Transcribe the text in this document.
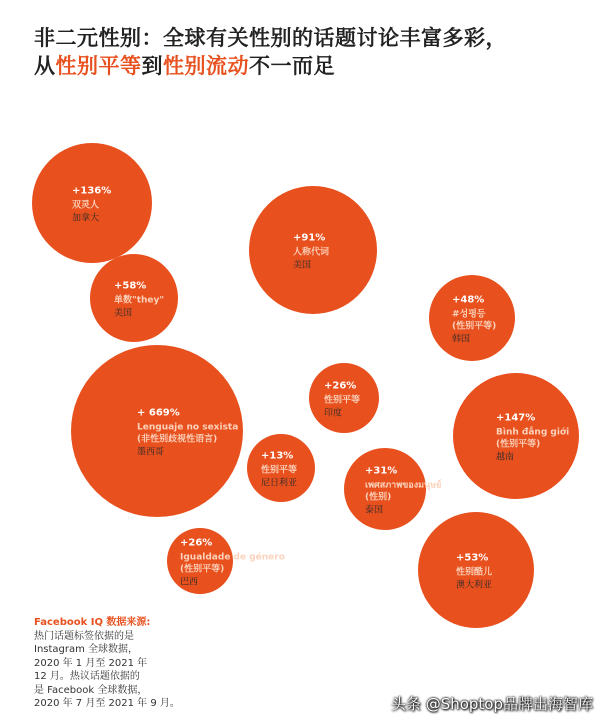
非二元性别：全球有关性别的话题讨论丰富多彩，
从性别平等到性别流动不一而足
+136%
双灵人
加拿大
+91%
人称代词
美国
+58%
单数"they"
美国
+48%
#성평등
(性别平等)
韩国
+ 669%
Lenguaje no sexista
(非性别歧视性语言)
墨西哥
+26%
性别平等
印度	+147%
Bình đẳng giới
(性别平等)
越南
+13%
性别平等
尼日利亚
+31%
เพศสภาพของมนุษย์
(性别)
泰国
+26%
Igualdade de género
(性别平等)
巴西
+53%
性别酷儿
澳大利亚
Facebook IQ 数据来源:
热门话题标签依据的是
Instagram 全球数据，
2020 年 1 月至 2021 年
12 月。热议话题依据的
是 Facebook 全球数据，
2020 年 7 月至 2021 年 9 月。	头条 @Shoptop品牌出海智库
